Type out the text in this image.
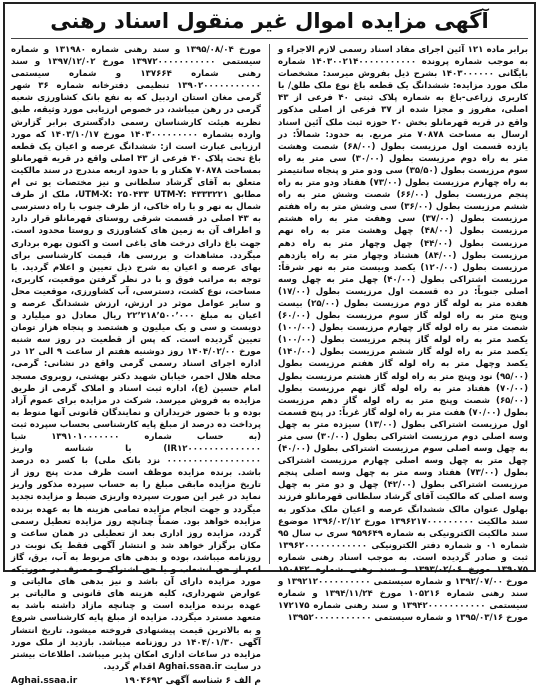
آگهی مزایده اموال غیر منقول اسناد رهنی

برابر ماده ۱۲۱ آئین اجرای مفاد اسناد رسمی لازم الاجراء و به موجب شماره پرونده ۱۴۰۳۰۰۲۱۴۰۰۰۰۰۰۰۰۰۰۰ شماره بایگانی ۱۴۰۳۰۰۰۰۰۰ بشرح ذیل بفروش میرسد: مشخصات ملک مورد مزایده: ششدانگ یک قطعه باغ نوع ملک طلق/ با کاربری زراعی-باغ به شماره پلاک ثبتی ۴۰ فرعی از ۴۳ اصلی، مفروز و مجزا شده از ۳۷ فرعی از اصلی مذکور واقع در قریه قهرمانلو بخش ۲۰ حوزه ثبت ملک آئین اسناد ارسال به مساحت ۷۰۸۷۸ متر مربع. به حدود: شمالاً: در یازده قسمت اول مرزیست بطول (۶۸/۰۰) شصت وهشت متر به راه دوم مرزیست بطول (۳۰/۰۰) سی متر به راه سوم مرزیست بطول (۳۵/۵۰) سی ودو متر و پنجاه سانتیمتر به راه چهارم مرزیست بطول (۷۳/۰۰) هفتاد ودو متر به راه پنجم مرزیست بطول (۶۶/۰۰) شصت وشش متر به راه ششم مرزیست بطول (۳۶/۰۰) سی وشش متر به راه هفتم مرزیست بطول (۳۷/۰۰) سی وهفت متر به راه هشتم مرزیست بطول (۴۸/۰۰) چهل وهشت متر به راه نهم مرزیست بطول (۴۴/۰۰) چهل وچهار متر به راه دهم مرزیست بطول (۸۴/۰۰) هشتاد وچهار متر به راه یازدهم مرزیست بطول (۱۲۰/۰۰) یکصد وبیست متر به نهر شرقاً: مرزیست اشتراکی بطول (۴۰/۰۰) چهل متر به چهل وسه اصلی جنوباً: در ده قسمت اول مرزیست بطول (۱۷/۰۰) هفده متر به لوله گاز دوم مرزیست بطول (۲۵/۰۰) بیست وپنج متر به راه لوله گاز سوم مرزیست بطول (۶۰/۰۰) شصت متر به راه لوله گاز چهارم مرزیست بطول (۱۰۰/۰۰) یکصد متر به راه لوله گاز پنجم مرزیست بطول (۱۰۰/۰۰) یکصد متر به راه لوله گاز ششم مرزیست بطول (۱۴۰/۰۰) یکصد وچهل متر به راه لوله گاز هفتم مرزیست بطول (۹۵/۰۰) نود وپنج متر به راه لوله گاز هشتم مرزیست بطول (۷۰/۰۰) هفتاد متر به راه لوله گاز نهم مرزیست بطول (۶۵/۰۰) شصت وپنج متر به راه لوله گاز دهم مرزیست بطول (۷۰/۰۰) هفت متر به راه لوله گاز غرباً: در پنج قسمت اول مرزیست اشتراکی بطول (۱۳/۰۰) سیزده متر به چهل وسه اصلی دوم مرزیست اشتراکی بطول (۳۰/۰۰) سی متر به چهل وسه اصلی سوم مرزیست اشتراکی بطول (۴۰/۰۰) چهل متر به چهل وسه اصلی چهارم مرزیست اشتراکی بطول (۷۳/۰۰) هفتاد وسه متر به چهل وسه اصلی پنجم مرزیست اشتراکی بطول (۴۲/۰۰) چهل و دو متر به چهل وسه اصلی که مالکیت آقای گرشاد سلطانی قهرمانلو فرزند بهلول عنوان مالک ششدانگ عرصه و اعیان ملک مذکور به سند مالکیت ۱۳۹۶۲۱۷۰۰۰۰۰۰۰۰۰ مورخ ۱۳۹۶/۰۲/۱۲ موضوع سند مالکیت الکترونیکی به شماره ۹۵۹۶۴۹ سری ب سال ۹۵ شماره ۰۱ و شماره دفتر الکترونیکی ۱۳۹۶۲۰۰۰۰۰۰۰۰۰۰۰۰ ثبت و صادر گردیده است. به موجب اسناد رهنی شماره ۱۳۹۰۷۵ مورخ ۱۳۹۳/۰۲/۰۶ و سند رهنی شماره ۱۵۰۸۴۲ مورخ ۱۳۹۲/۰۷/۰۰ و شماره سیستمی ۱۳۹۲۱۲۰۰۰۰۰۰۰۰۰۰ و سند رهنی شماره ۱۰۵۲۱۶ مورخ ۱۳۹۴/۱۱/۲۴ و شماره سیستمی ۱۳۹۴۲۰۰۰۰۰۰۰۰۰۰۰ و سند رهنی شماره ۱۷۲۱۷۵ مورخ ۱۳۹۵/۰۳/۱۶ و شماره سیستمی ۱۳۹۵۲۰۰۰۰۰۰۰۰۰۰۰

مورخ ۱۳۹۵/۰۸/۰۴ و سند رهنی شماره ۱۳۱۹۸۰ و شماره سیستمی ۱۳۹۷۲۰۰۰۰۰۰۰۰۰۰۰ مورخ ۱۳۹۷/۱۲/۰۲ و سند رهنی شماره ۱۳۷۶۶۴ و شماره سیستمی ۱۳۹۰۲۰۰۰۰۰۰۰۰۰۰۰ تنظیمی دفترخانه شماره ۳۶ شهر گرمی مغان استان اردبیل که به نفع بانک کشاورزی شعبه گرمی در رهن میباشد، در خصوص ارزیابی مورد وثیقه، طبق نظریه هیئت کارشناسان رسمی دادگستری برابر گزارش وارده بشماره ۱۴۰۳۰۰۰۰۰۰۰۰۰ مورخ ۱۴۰۳/۱۰/۱۷ که مورد ارزیابی عبارت است از: ششدانگ عرصه و اعیان یک قطعه باغ تحت پلاک ۴۰ فرعی از ۴۳ اصلی واقع در قریه قهرمانلو بمساحت ۷۰۸۷۸ هکتار و با حدود اربعه مندرج در سند مالکیت متعلق به آقای گرشاد سلطانی و نیز مختصات یو تی ام مطابق UTM-X: ۲۵۰۴۳۳ UTM-Y: ۴۳۳۳۲۲۱، ملک از طرف شمال به نهر و با راه خاکی، از طرف جنوب با راه دسترسی به ۴۳ اصلی در قسمت شرقی روستای قهرمانلو قرار دارد و اطراف آن به زمین های کشاورزی و روستا محدود است. جهت باغ دارای درخت های باغی است و اکنون بهره برداری میگردد. مشاهدات و بررسی ها، قیمت کارشناسی برای بهای عرصه و اعیان به شرح ذیل تعیین و اعلام گردید. با توجه به مراتب فوق و با در نظر گرفتن موقعیت، کاربری، مساحت، نوع کشت، دسترسی، آب کشاورزی، موقعیت محل و سایر عوامل موثر در ارزش، ارزش ششدانگ عرصه و اعیان به مبلغ ۲۲٬۲۱۸٬۵۰۰٬۰۰۰ ریال معادل دو میلیارد و دویست و سی و یک میلیون و هشتصد و پنجاه هزار تومان تعیین گردیده است. که پس از قطعیت در روز سه شنبه مورخ ۱۴۰۴/۰۲/۰۰ روز دوشنبه هفتم از ساعت ۹ الی ۱۲ در اداره اجرای اسناد رسمی گرمی واقع در نشانی: گرمی، محله هلال احمر، خیابان شهید دکتر بهشتی، روبروی مسجد امام حسین (ع)، اداره ثبت اسناد و املاک گرمی از طریق مزایده به فروش میرسد. شرکت در مزایده برای عموم آزاد بوده و با حضور خریداران و نمایندگان قانونی آنها منوط به پرداخت ده درصد از مبلغ پایه کارشناسی بحساب سپرده ثبت (به حساب شماره ۱۳۹۱۰۱۰۰۰۰۰۰۰ شبا IR۱۲۰۰۰۰۰۰۰۰۰۰۰۰۰۰) با شناسه واریز ۰۰۰۰۰۰۰۰۰۰۰۰۰۰۰۰۰۰ نزد بانک ملی) با کسر ده درصد باشد. برنده مزایده موظف است ظرف مدت پنج روز از تاریخ مزایده مابقی مبلغ را به حساب سپرده مذکور واریز نماید در غیر این صورت سپرده واریزی ضبط و مزایده تجدید میگردد و جهت انجام مزایده تمامی هزینه ها به عهده برنده مزایده خواهد بود. ضمناً چنانچه روز مزایده تعطیل رسمی گردد، مزایده روز اداری بعد از تعطیلی در همان ساعت و مکان برگزار خواهد شد و انتشار آگهی فقط یک نوبت در روزنامه میباشد، بوده و بدهی های مربوط به آب، برق، گاز اعم از حق انشعاب و یا حق اشتراک و مصرف در صورتیکه مورد مزایده دارای آن باشد و نیز بدهی های مالیاتی و عوارض شهرداری، کلیه هزینه های قانونی و مالیاتی بر عهده برنده مزایده است و چنانچه مازاد داشته باشد به متعهد مسترد میگردد. مزایده از مبلغ پایه کارشناسی شروع و به بالاترین قیمت پیشنهادی فروخته میشود. تاریخ انتشار آگهی ۱۴۰۴/۰۱/۳۰ در روزنامه میباشد. بازدید از ملک مورد مزایده در ساعات اداری امکان پذیر میباشد. اطلاعات بیشتر در سایت Aghai.ssaa.ir اقدام گردید.

م الف ۶ شناسه آگهی ۱۹۰۴۶۹۲
Aghai.ssaa.ir
